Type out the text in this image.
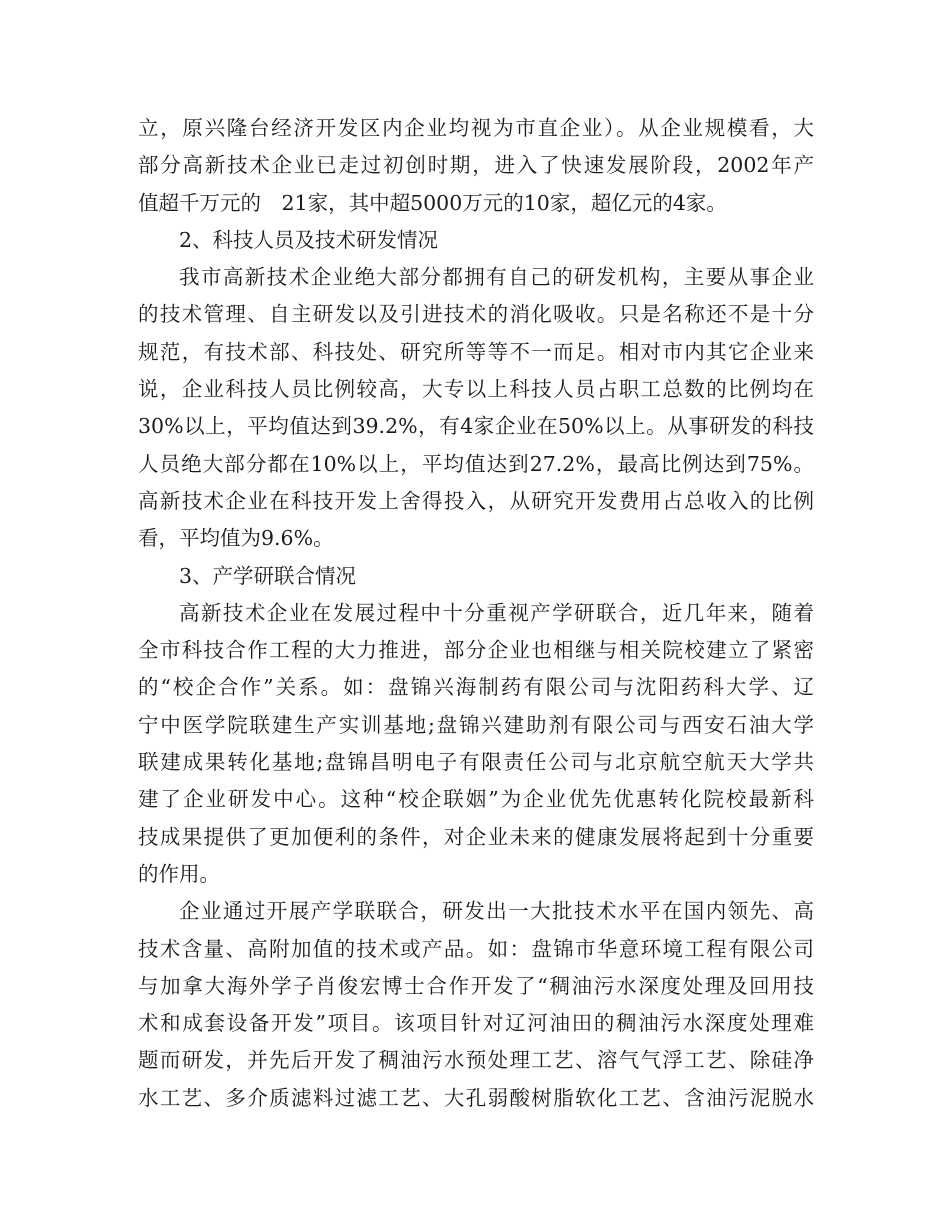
立，原兴隆台经济开发区内企业均视为市直企业）。从企业规模看，大
部分高新技术企业已走过初创时期，进入了快速发展阶段，2002年产
值超千万元的　21家，其中超5000万元的10家，超亿元的4家。
2、科技人员及技术研发情况
我市高新技术企业绝大部分都拥有自己的研发机构，主要从事企业
的技术管理、自主研发以及引进技术的消化吸收。只是名称还不是十分
规范，有技术部、科技处、研究所等等不一而足。相对市内其它企业来
说，企业科技人员比例较高，大专以上科技人员占职工总数的比例均在
30%以上，平均值达到39.2%，有4家企业在50%以上。从事研发的科技
人员绝大部分都在10%以上，平均值达到27.2%，最高比例达到75%。
高新技术企业在科技开发上舍得投入，从研究开发费用占总收入的比例
看，平均值为9.6%。
3、产学研联合情况
高新技术企业在发展过程中十分重视产学研联合，近几年来，随着
全市科技合作工程的大力推进，部分企业也相继与相关院校建立了紧密
的“校企合作”关系。如：盘锦兴海制药有限公司与沈阳药科大学、辽
宁中医学院联建生产实训基地;盘锦兴建助剂有限公司与西安石油大学
联建成果转化基地;盘锦昌明电子有限责任公司与北京航空航天大学共
建了企业研发中心。这种“校企联姻”为企业优先优惠转化院校最新科
技成果提供了更加便利的条件，对企业未来的健康发展将起到十分重要
的作用。
企业通过开展产学联联合，研发出一大批技术水平在国内领先、高
技术含量、高附加值的技术或产品。如：盘锦市华意环境工程有限公司
与加拿大海外学子肖俊宏博士合作开发了“稠油污水深度处理及回用技
术和成套设备开发”项目。该项目针对辽河油田的稠油污水深度处理难
题而研发，并先后开发了稠油污水预处理工艺、溶气气浮工艺、除硅净
水工艺、多介质滤料过滤工艺、大孔弱酸树脂软化工艺、含油污泥脱水
